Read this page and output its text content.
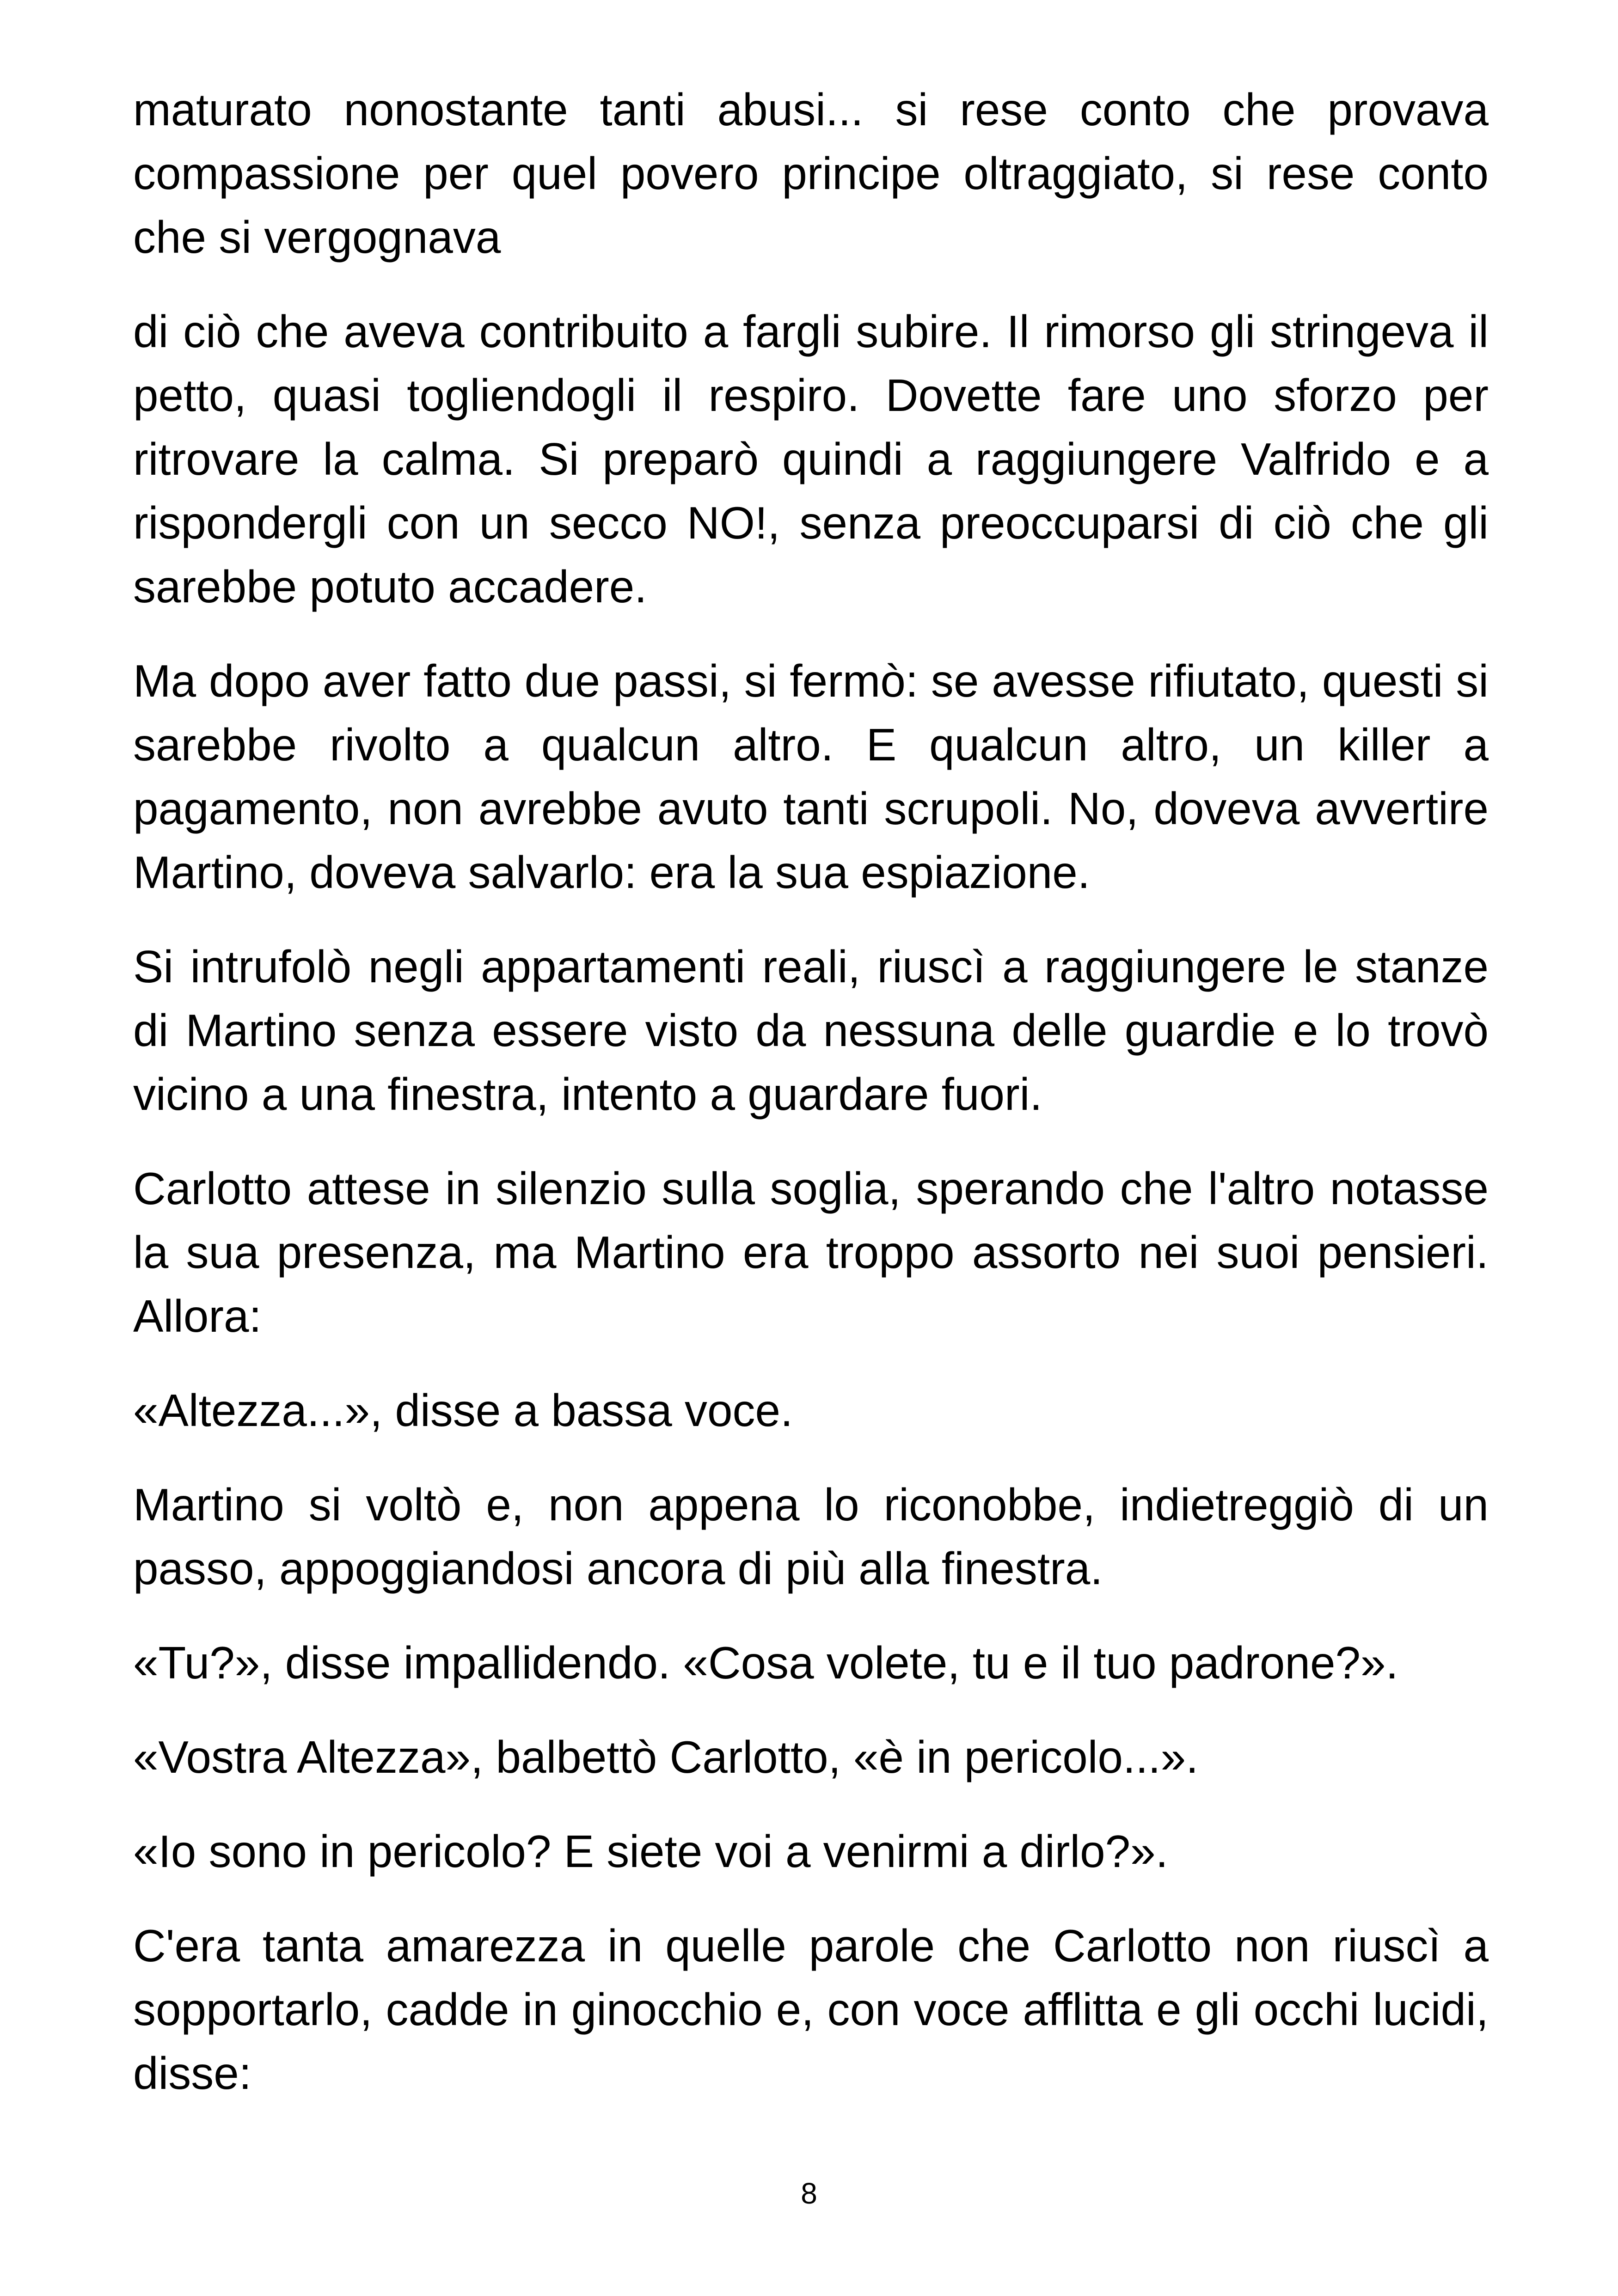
maturato nonostante tanti abusi... si rese conto che provava compassione per quel povero principe oltraggiato, si rese conto che si vergognava

di ciò che aveva contribuito a fargli subire. Il rimorso gli stringeva il petto, quasi togliendogli il respiro. Dovette fare uno sforzo per ritrovare la calma. Si preparò quindi a raggiungere Valfrido e a rispondergli con un secco NO!, senza preoccuparsi di ciò che gli sarebbe potuto accadere.

Ma dopo aver fatto due passi, si fermò: se avesse rifiutato, questi si sarebbe rivolto a qualcun altro. E qualcun altro, un killer a pagamento, non avrebbe avuto tanti scrupoli. No, doveva avvertire Martino, doveva salvarlo: era la sua espiazione.

Si intrufolò negli appartamenti reali, riuscì a raggiungere le stanze di Martino senza essere visto da nessuna delle guardie e lo trovò vicino a una finestra, intento a guardare fuori.

Carlotto attese in silenzio sulla soglia, sperando che l'altro notasse la sua presenza, ma Martino era troppo assorto nei suoi pensieri. Allora:

«Altezza...», disse a bassa voce.

Martino si voltò e, non appena lo riconobbe, indietreggiò di un passo, appoggiandosi ancora di più alla finestra.

«Tu?», disse impallidendo. «Cosa volete, tu e il tuo padrone?».

«Vostra Altezza», balbettò Carlotto, «è in pericolo...».

«Io sono in pericolo? E siete voi a venirmi a dirlo?».

C'era tanta amarezza in quelle parole che Carlotto non riuscì a sopportarlo, cadde in ginocchio e, con voce afflitta e gli occhi lucidi, disse:

8
